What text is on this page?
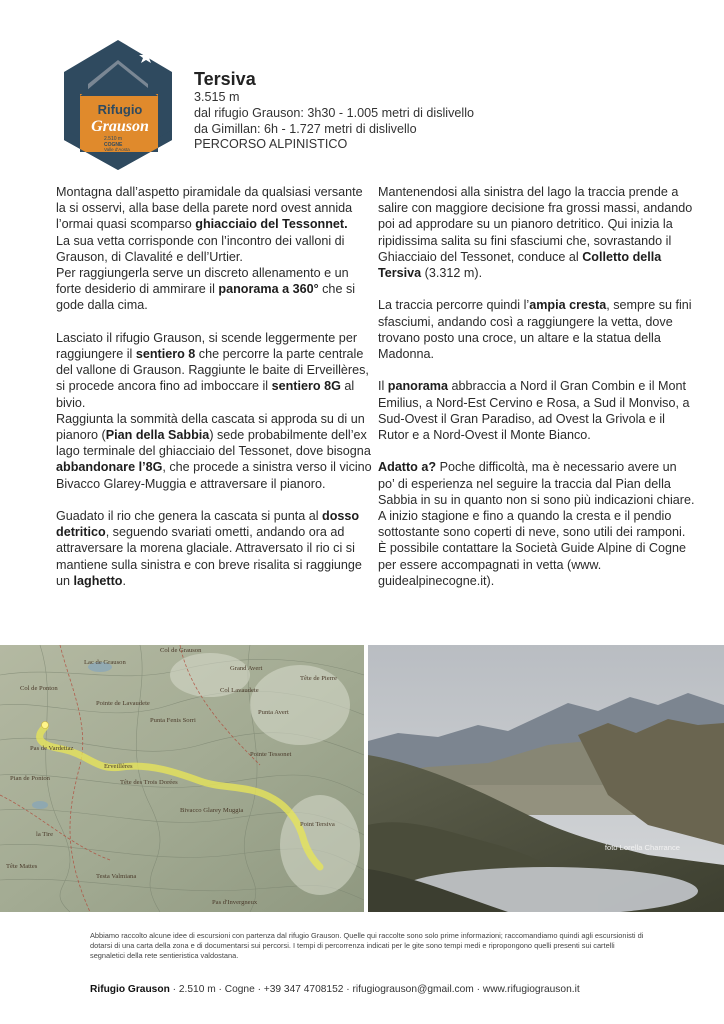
Rifugio
Grauson
2.510 m
COGNE
Valle d'Aosta
Tersiva
3.515 m
dal rifugio Grauson: 3h30 - 1.005 metri di dislivello
da Gimillan: 6h - 1.727 metri di dislivello
PERCORSO ALPINISTICO

Montagna dall’aspetto piramidale da qualsiasi versante la si osservi, alla base della parete nord ovest annida l’ormai quasi scomparso ghiacciaio del Tessonnet.
La sua vetta corrisponde con l’incontro dei valloni di Grauson, di Clavalité e dell’Urtier.
Per raggiungerla serve un discreto allenamento e un forte desiderio di ammirare il panorama a 360° che si gode dalla cima.

Lasciato il rifugio Grauson, si scende leggermente per raggiungere il sentiero 8 che percorre la parte centrale del vallone di Grauson. Raggiunte le baite di Erveillères, si procede ancora fino ad imboccare il sentiero 8G al bivio.
Raggiunta la sommità della cascata si approda su di un pianoro (Pian della Sabbia) sede probabilmente dell’ex lago terminale del ghiacciaio del Tessonet, dove bisogna abbandonare l’8G, che procede a sinistra verso il vicino Bivacco Glarey-Muggia e attraversare il pianoro.

Guadato il rio che genera la cascata si punta al dosso detritico, seguendo svariati ometti, andando ora ad attraversare la morena glaciale. Attraversato il rio ci si mantiene sulla sinistra e con breve risalita si raggiunge un laghetto.

Mantenendosi alla sinistra del lago la traccia prende a salire con maggiore decisione fra grossi massi, andando poi ad approdare su un pianoro detritico. Qui inizia la ripidissima salita su fini sfasciumi che, sovrastando il Ghiacciaio del Tessonet, conduce al Colletto della Tersiva (3.312 m).

La traccia percorre quindi l’ampia cresta, sempre su fini sfasciumi, andando così a raggiungere la vetta, dove trovano posto una croce, un altare e la statua della Madonna.

Il panorama abbraccia a Nord il Gran Combin e il Mont Emilius, a Nord-Est Cervino e Rosa, a Sud il Monviso, a Sud-Ovest il Gran Paradiso, ad Ovest la Grivola e il Rutor e a Nord-Ovest il Monte Bianco.

Adatto a? Poche difficoltà, ma è necessario avere un po’ di esperienza nel seguire la traccia dal Pian della Sabbia in su in quanto non si sono più indicazioni chiare. A inizio stagione e fino a quando la cresta e il pendio sottostante sono coperti di neve, sono utili dei ramponi.
È possibile contattare la Società Guide Alpine di Cogne per essere accompagnati in vetta (www. guidealpinecogne.it).

Col de Grauson
Lac de Grauson
Grand Avert
Col de Ponton
Tête de Pierre
Pointe de Lavaudete
Punta Fenis Sorri
Col Lavaudete
Punta Avert
Pian de Ponton
Erveillères
Pointe Tessonet
Tête des Trois Dorées
Pas de Vardettaz
Bivacco Glarey Muggia
Point Tersiva
Tête Mattes
Testa Valmiana
Pas d'Invergneux
la Tire
foto Lorella Charrance
Abbiamo raccolto alcune idee di escursioni con partenza dal rifugio Grauson. Quelle qui raccolte sono solo prime informazioni; raccomandiamo quindi agli escursionisti di dotarsi di una carta della zona e di documentarsi sui percorsi. I tempi di percorrenza indicati per le gite sono tempi medi e ripropongono quelli presenti sui cartelli segnaletici della rete sentieristica valdostana.
Rifugio Grauson · 2.510 m · Cogne · +39 347 4708152 · rifugiograuson@gmail.com · www.rifugiograuson.it
